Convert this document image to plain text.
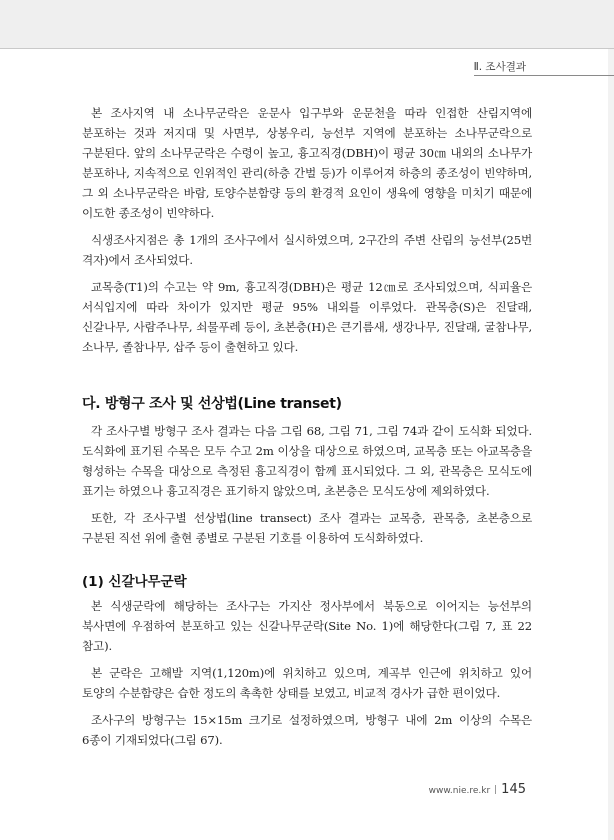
Ⅱ. 조사결과

본 조사지역 내 소나무군락은 운문사 입구부와 운문천을 따라 인접한 산림지역에 분포하는 것과 저지대 및 사면부, 상봉우리, 능선부 지역에 분포하는 소나무군락으로 구분된다. 앞의 소나무군락은 수령이 높고, 흉고직경(DBH)이 평균 30㎝ 내외의 소나무가 분포하나, 지속적으로 인위적인 관리(하층 간벌 등)가 이루어져 하층의 종조성이 빈약하며, 그 외 소나무군락은 바람, 토양수분함량 등의 환경적 요인이 생육에 영향을 미치기 때문에 이도한 종조성이 빈약하다.

식생조사지점은 총 1개의 조사구에서 실시하였으며, 2구간의 주변 산림의 능선부(25번 격자)에서 조사되었다.

교목층(T1)의 수고는 약 9m, 흉고직경(DBH)은 평균 12㎝로 조사되었으며, 식피율은 서식입지에 따라 차이가 있지만 평균 95% 내외를 이루었다. 관목층(S)은 진달래, 신갈나무, 사람주나무, 쇠물푸레 등이, 초본층(H)은 큰기름새, 생강나무, 진달래, 굴참나무, 소나무, 졸참나무, 삽주 등이 출현하고 있다.

다. 방형구 조사 및 선상법(Line transet)

각 조사구별 방형구 조사 결과는 다음 그림 68, 그림 71, 그림 74과 같이 도식화 되었다. 도식화에 표기된 수목은 모두 수고 2m 이상을 대상으로 하였으며, 교목층 또는 아교목층을 형성하는 수목을 대상으로 측정된 흉고직경이 함께 표시되었다. 그 외, 관목층은 모식도에 표기는 하였으나 흉고직경은 표기하지 않았으며, 초본층은 모식도상에 제외하였다.

또한, 각 조사구별 선상법(line transect) 조사 결과는 교목층, 관목층, 초본층으로 구분된 직선 위에 출현 종별로 구분된 기호를 이용하여 도식화하였다.

(1) 신갈나무군락

본 식생군락에 해당하는 조사구는 가지산 정사부에서 북동으로 이어지는 능선부의 북사면에 우점하여 분포하고 있는 신갈나무군락(Site No. 1)에 해당한다(그림 7, 표 22 참고).

본 군락은 고해발 지역(1,120m)에 위치하고 있으며, 계곡부 인근에 위치하고 있어 토양의 수분함량은 습한 정도의 촉촉한 상태를 보였고, 비교적 경사가 급한 편이었다.

조사구의 방형구는 15×15m 크기로 설정하였으며, 방형구 내에 2m 이상의 수목은 6종이 기재되었다(그림 67).

www.nie.re.kr 145
